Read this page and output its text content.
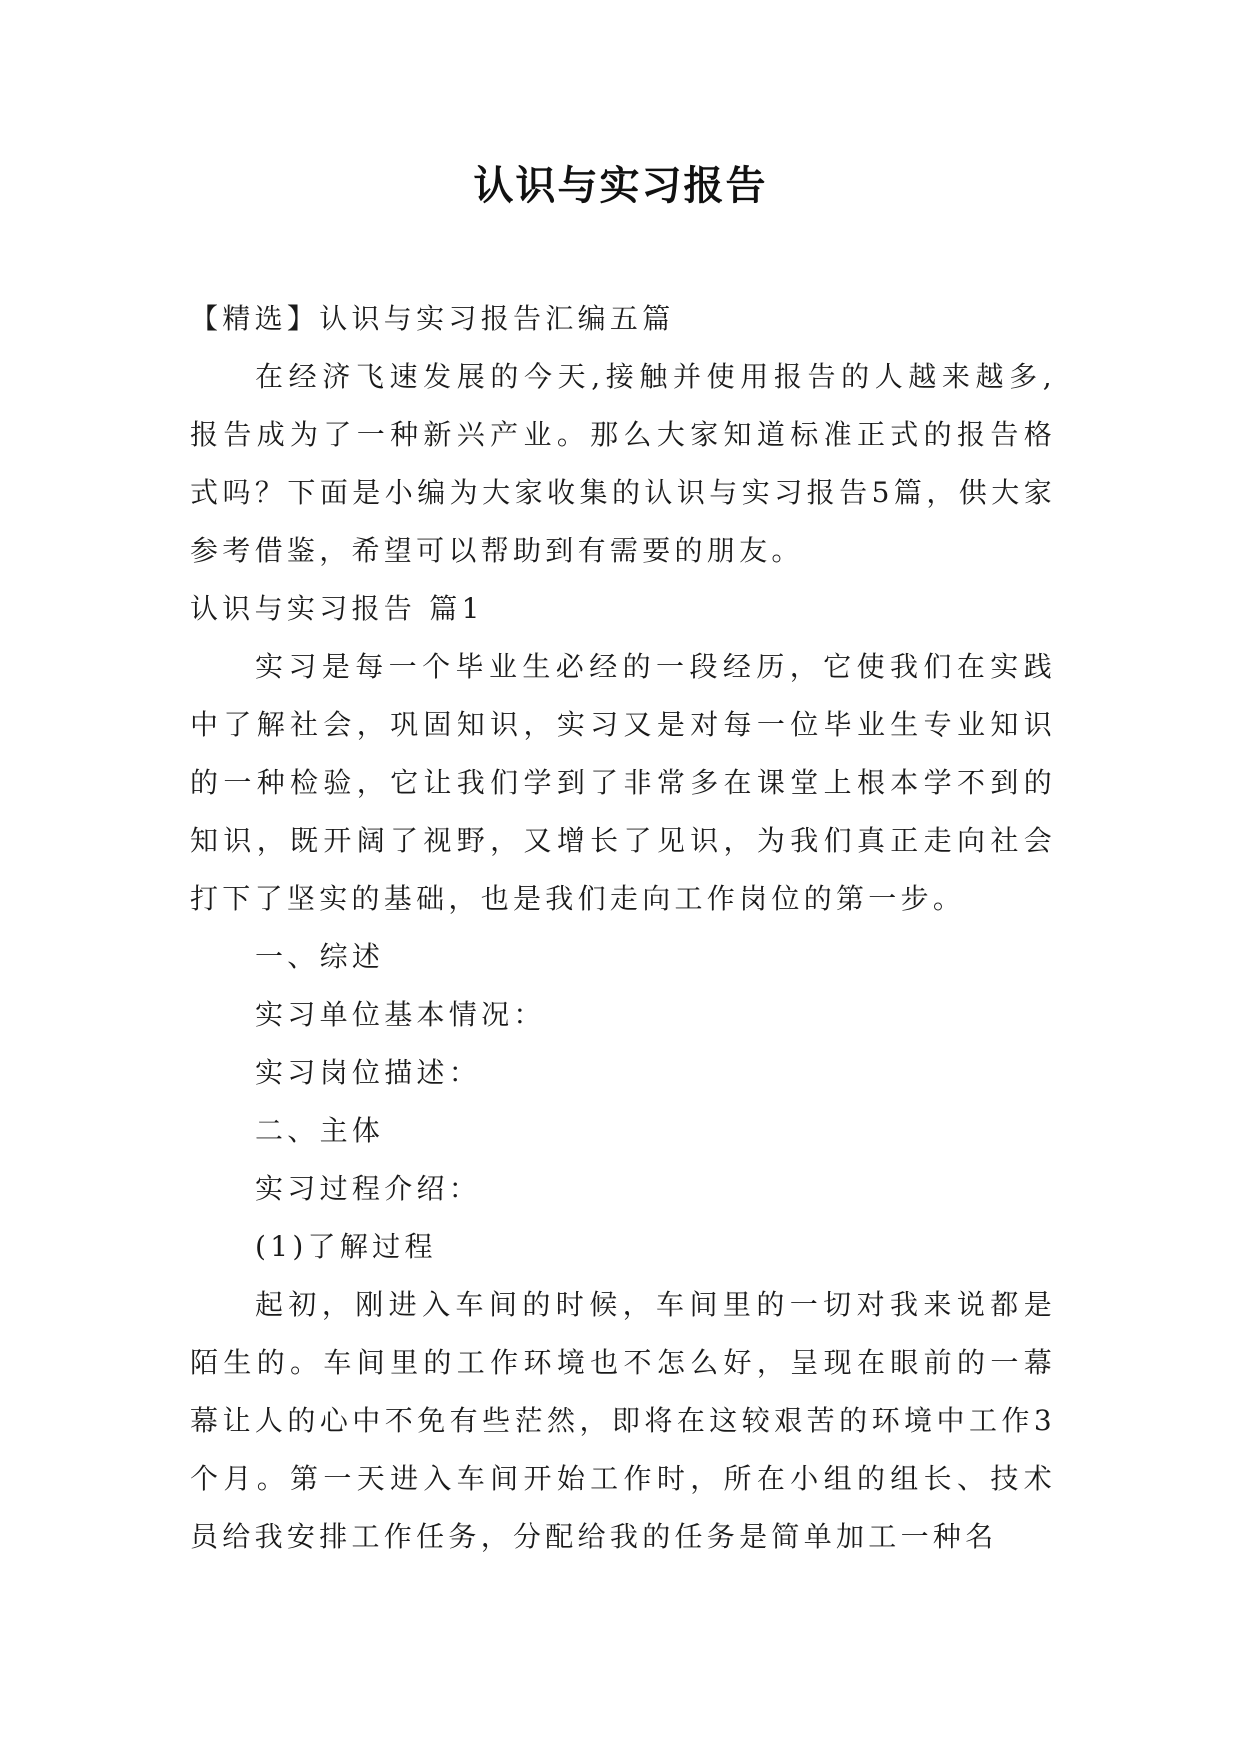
认识与实习报告

【精选】认识与实习报告汇编五篇

在经济飞速发展的今天,接触并使用报告的人越来越多,报告成为了一种新兴产业。那么大家知道标准正式的报告格式吗？下面是小编为大家收集的认识与实习报告5篇，供大家参考借鉴，希望可以帮助到有需要的朋友。

认识与实习报告 篇1

实习是每一个毕业生必经的一段经历，它使我们在实践中了解社会，巩固知识，实习又是对每一位毕业生专业知识的一种检验，它让我们学到了非常多在课堂上根本学不到的知识，既开阔了视野，又增长了见识，为我们真正走向社会打下了坚实的基础，也是我们走向工作岗位的第一步。

一、综述

实习单位基本情况：

实习岗位描述：

二、主体

实习过程介绍：

(1)了解过程

起初，刚进入车间的时候，车间里的一切对我来说都是陌生的。车间里的工作环境也不怎么好，呈现在眼前的一幕幕让人的心中不免有些茫然，即将在这较艰苦的环境中工作3个月。第一天进入车间开始工作时，所在小组的组长、技术员给我安排工作任务，分配给我的任务是简单加工一种名
